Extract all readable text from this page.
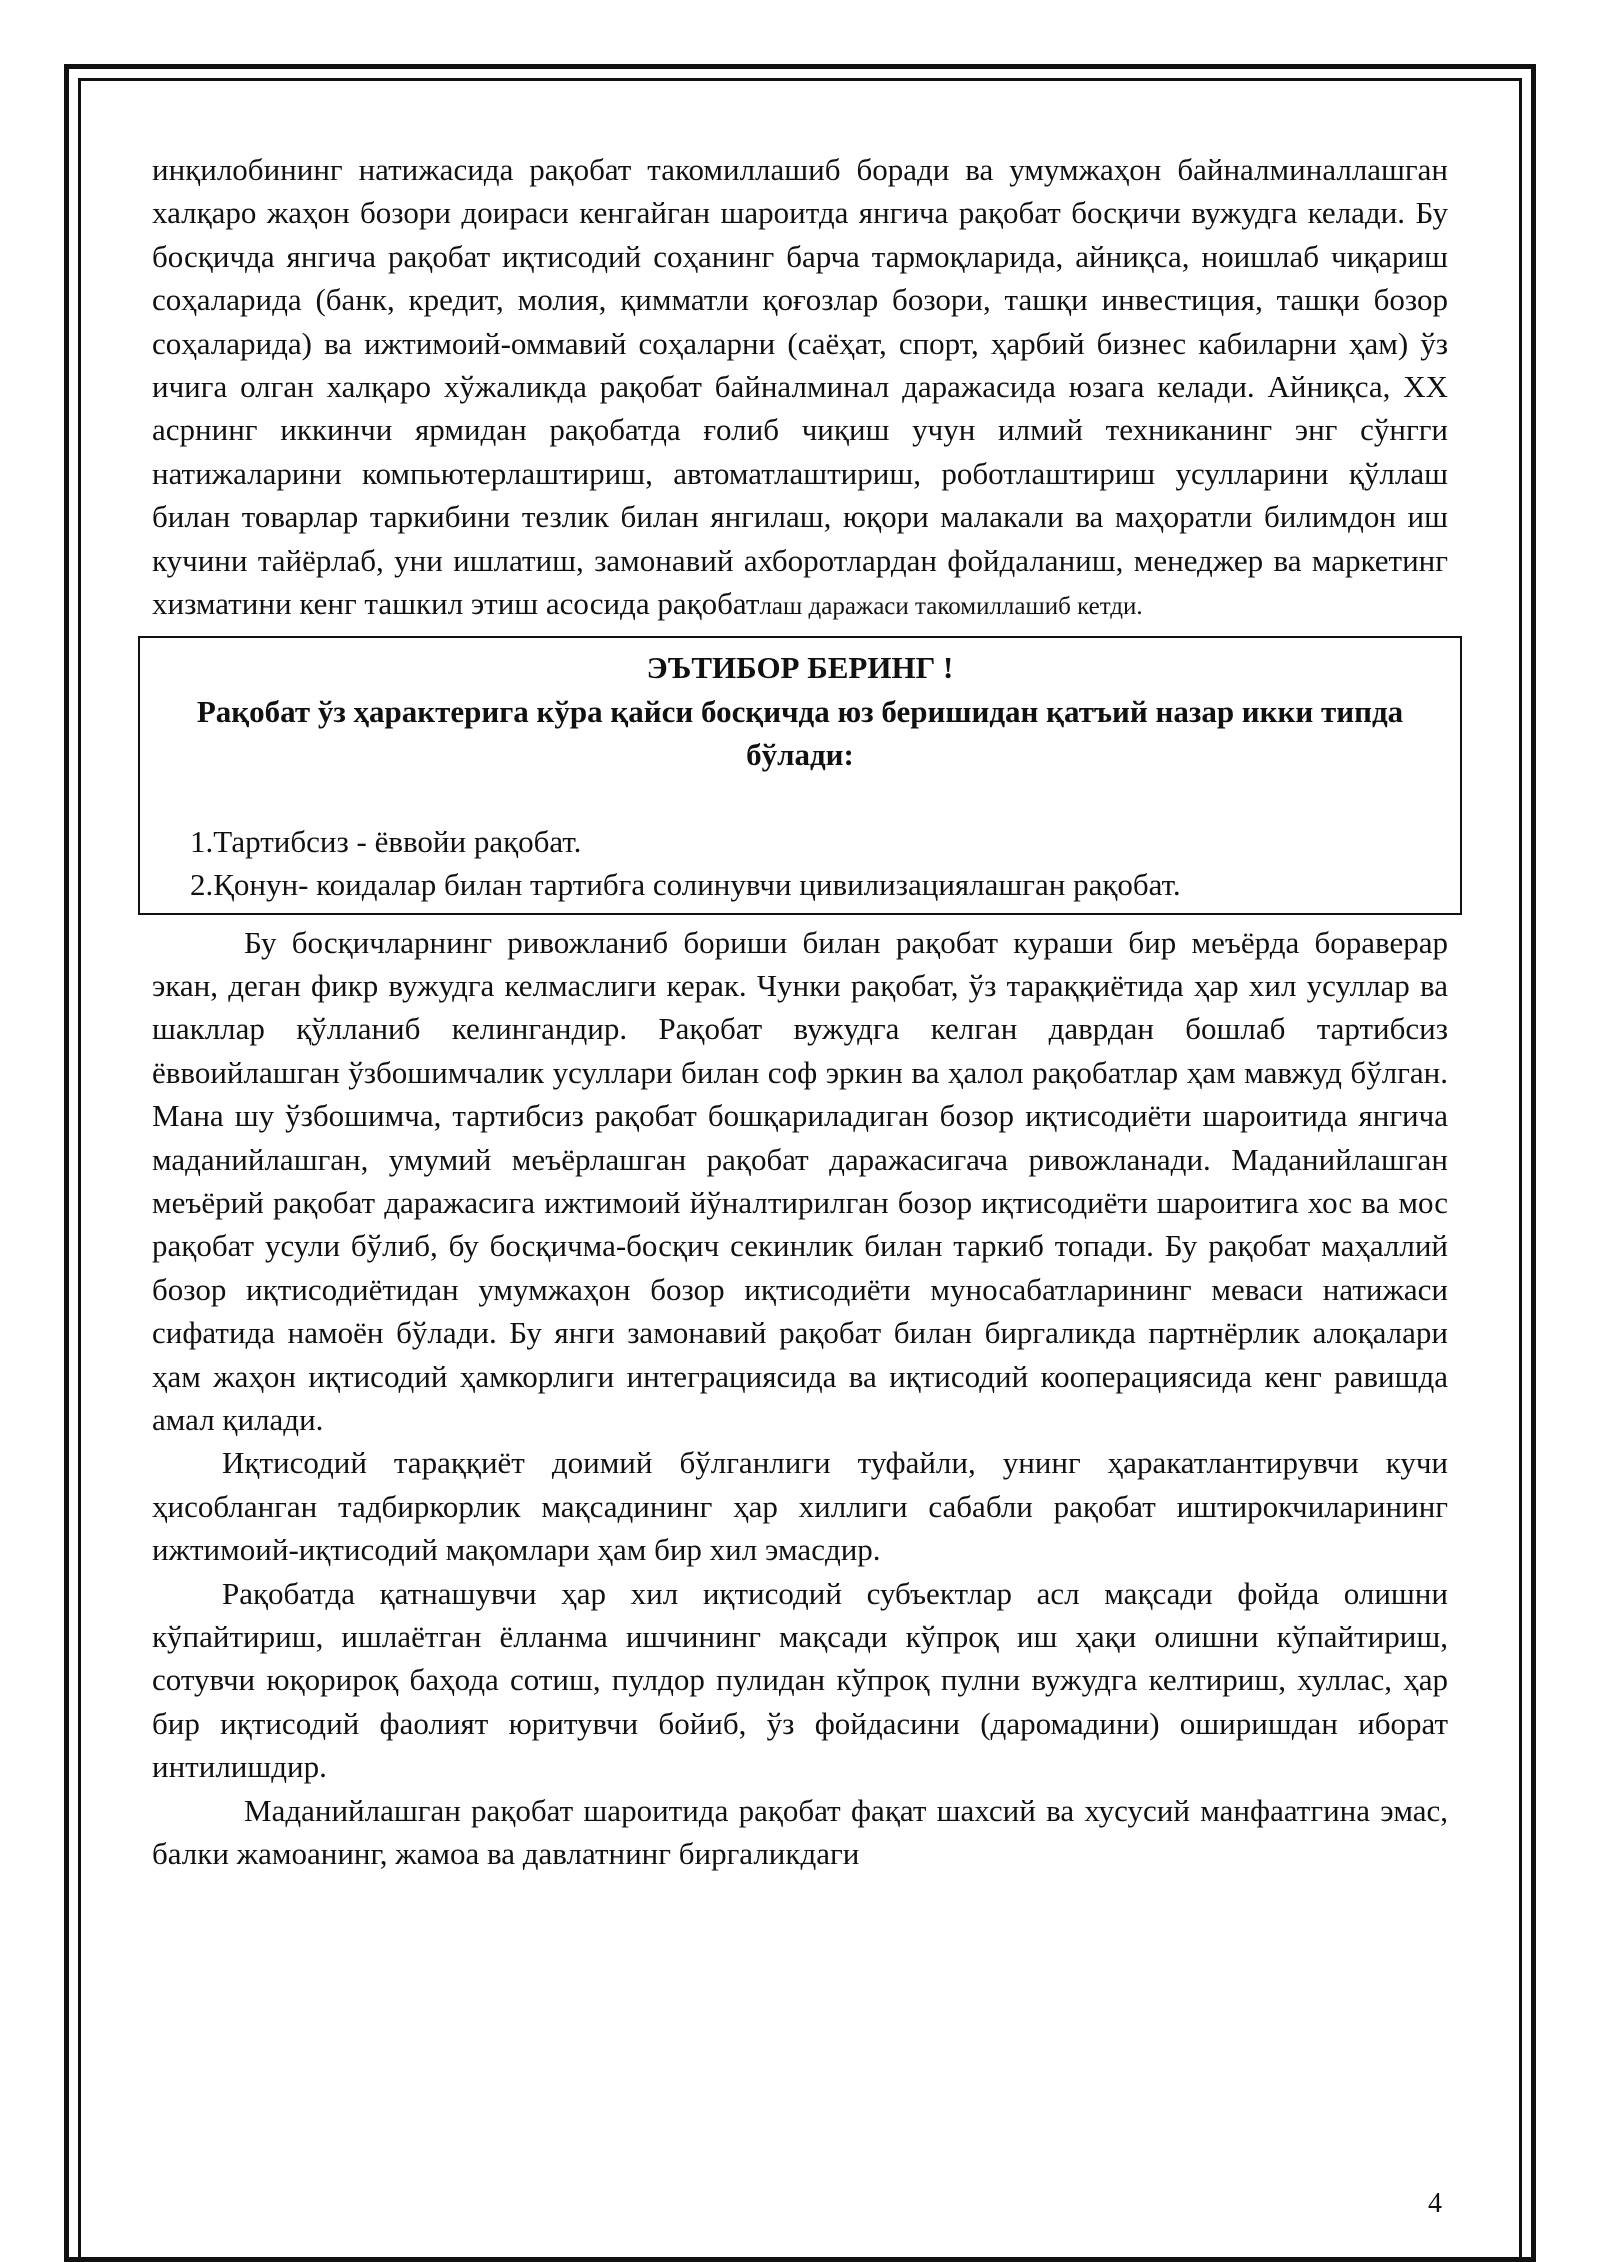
инқилобининг натижасида рақобат такомиллашиб боради ва умумжаҳон байналминаллашган халқаро жаҳон бозори доираси кенгайган шароитда янгича рақобат босқичи вужудга келади. Бу босқичда янгича рақобат иқтисодий соҳанинг барча тармоқларида, айниқса, ноишлаб чиқариш соҳаларида (банк, кредит, молия, қимматли қоғозлар бозори, ташқи инвестиция, ташқи бозор соҳаларида) ва ижтимоий-оммавий соҳаларни (саёҳат, спорт, ҳарбий бизнес кабиларни ҳам) ўз ичига олган халқаро хўжаликда рақобат байналминал даражасида юзага келади. Айниқса, ХХ асрнинг иккинчи ярмидан рақобатда ғолиб чиқиш учун илмий техниканинг энг сўнгги натижаларини компьютерлаштириш, автоматлаштириш, роботлаштириш усулларини қўллаш билан товарлар таркибини тезлик билан янгилаш, юқори малакали ва маҳоратли билимдон иш кучини тайёрлаб, уни ишлатиш, замонавий ахборотлардан фойдаланиш, менеджер ва маркетинг хизматини кенг ташкил этиш асосида рақобатлаш даражаси такомиллашиб кетди.

ЭЪТИБОР БЕРИНГ !

Рақобат ўз ҳарактерига кўра қайси босқичда юз беришидан қатъий назар икки типда бўлади:

1.Тартибсиз - ёввойи рақобат.

2.Қонун- коидалар билан тартибга солинувчи цивилизациялашган рақобат.

Бу босқичларнинг ривожланиб бориши билан рақобат кураши бир меъёрда бораверар экан, деган фикр вужудга келмаслиги керак. Чунки рақобат, ўз тараққиётида ҳар хил усуллар ва шакллар қўлланиб келингандир. Рақобат вужудга келган даврдан бошлаб тартибсиз ёввоийлашган ўзбошимчалик усуллари билан соф эркин ва ҳалол рақобатлар ҳам мавжуд бўлган. Мана шу ўзбошимча, тартибсиз рақобат бошқариладиган бозор иқтисодиёти шароитида янгича маданийлашган, умумий меъёрлашган рақобат даражасигача ривожланади. Маданийлашган меъёрий рақобат даражасига ижтимоий йўналтирилган бозор иқтисодиёти шароитига хос ва мос рақобат усули бўлиб, бу босқичма-босқич секинлик билан таркиб топади. Бу рақобат маҳаллий бозор иқтисодиётидан умумжаҳон бозор иқтисодиёти муносабатларининг меваси натижаси сифатида намоён бўлади. Бу янги замонавий рақобат билан биргаликда партнёрлик алоқалари ҳам жаҳон иқтисодий ҳамкорлиги интеграциясида ва иқтисодий кооперациясида кенг равишда амал қилади.

Иқтисодий тараққиёт доимий бўлганлиги туфайли, унинг ҳаракатлантирувчи кучи ҳисобланган тадбиркорлик мақсадининг ҳар хиллиги сабабли рақобат иштирокчиларининг ижтимоий-иқтисодий мақомлари ҳам бир хил эмасдир.

Рақобатда қатнашувчи ҳар хил иқтисодий субъектлар асл мақсади фойда олишни кўпайтириш, ишлаётган ёлланма ишчининг мақсади кўпроқ иш ҳақи олишни кўпайтириш, сотувчи юқорироқ баҳода сотиш, пулдор пулидан кўпроқ пулни вужудга келтириш, хуллас, ҳар бир иқтисодий фаолият юритувчи бойиб, ўз фойдасини (даромадини) оширишдан иборат интилишдир.

Маданийлашган рақобат шароитида рақобат фақат шахсий ва хусусий манфаатгина эмас, балки жамоанинг, жамоа ва давлатнинг биргаликдаги

4
